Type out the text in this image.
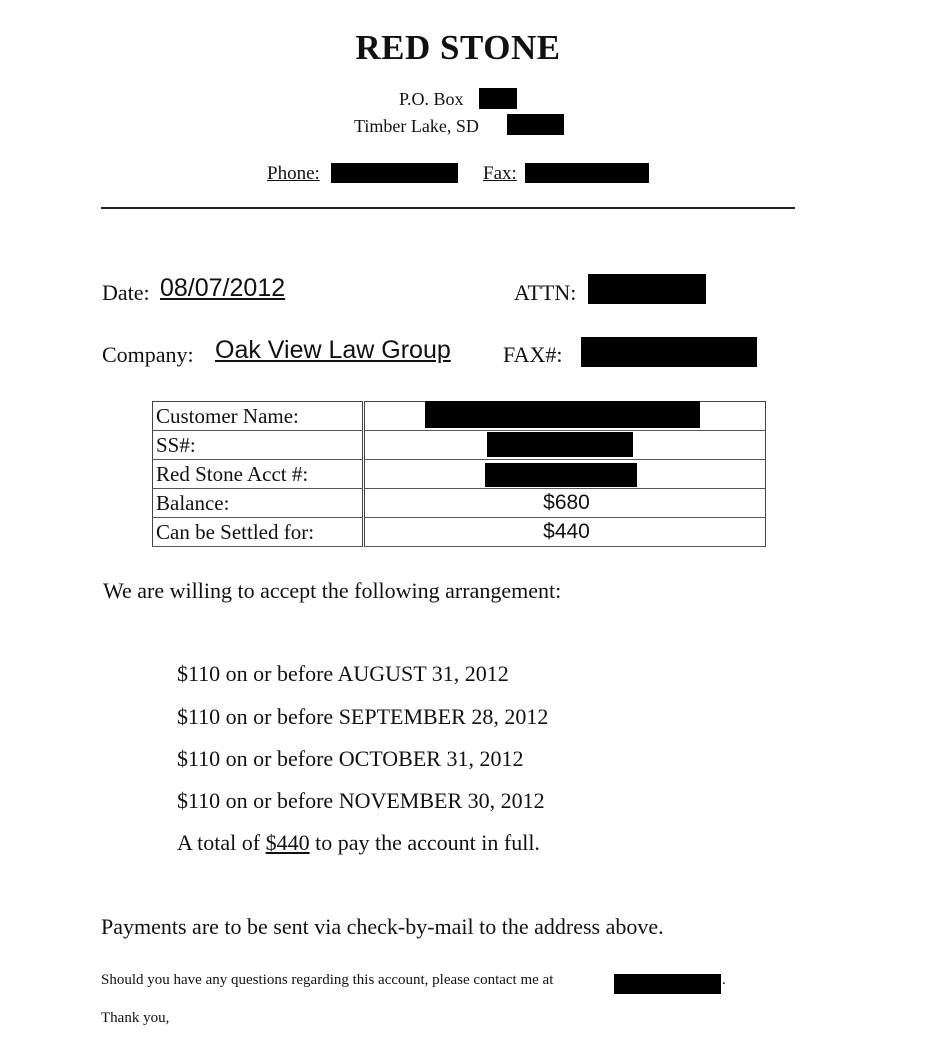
RED STONE
P.O. Box
Timber Lake, SD
Phone:	Fax:
Date: 08/07/2012	ATTN:
Company: Oak View Law Group FAX#:
Customer Name:	

SS#:	

Red Stone Acct #:	

Balance:	$680
Can be Settled for:	$440
We are willing to accept the following arrangement:
$110 on or before AUGUST 31, 2012
$110 on or before SEPTEMBER 28, 2012
$110 on or before OCTOBER 31, 2012
$110 on or before NOVEMBER 30, 2012
A total of $440 to pay the account in full.
Payments are to be sent via check-by-mail to the address above.
Should you have any questions regarding this account, please contact me at	.
Thank you,
